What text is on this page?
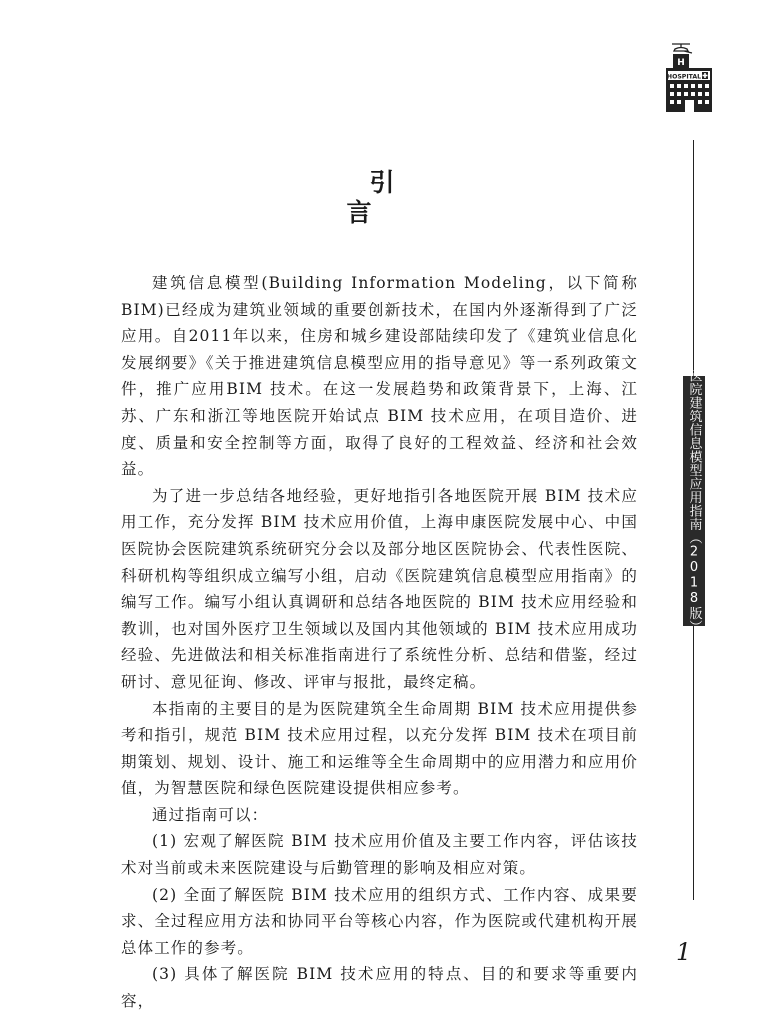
H
HOSPITAL
医院建筑信息模型应用指南（2018版）
引言

建筑信息模型(Building Information Modeling，以下简称 BIM)已经成为建筑业领域的重要创新技术，在国内外逐渐得到了广泛应用。自2011年以来，住房和城乡建设部陆续印发了《建筑业信息化发展纲要》《关于推进建筑信息模型应用的指导意见》等一系列政策文件，推广应用BIM 技术。在这一发展趋势和政策背景下，上海、江苏、广东和浙江等地医院开始试点 BIM 技术应用，在项目造价、进度、质量和安全控制等方面，取得了良好的工程效益、经济和社会效益。

为了进一步总结各地经验，更好地指引各地医院开展 BIM 技术应用工作，充分发挥 BIM 技术应用价值，上海申康医院发展中心、中国医院协会医院建筑系统研究分会以及部分地区医院协会、代表性医院、科研机构等组织成立编写小组，启动《医院建筑信息模型应用指南》的编写工作。编写小组认真调研和总结各地医院的 BIM 技术应用经验和教训，也对国外医疗卫生领域以及国内其他领域的 BIM 技术应用成功经验、先进做法和相关标准指南进行了系统性分析、总结和借鉴，经过研讨、意见征询、修改、评审与报批，最终定稿。

本指南的主要目的是为医院建筑全生命周期 BIM 技术应用提供参考和指引，规范 BIM 技术应用过程，以充分发挥 BIM 技术在项目前期策划、规划、设计、施工和运维等全生命周期中的应用潜力和应用价值，为智慧医院和绿色医院建设提供相应参考。

通过指南可以：

(1) 宏观了解医院 BIM 技术应用价值及主要工作内容，评估该技术对当前或未来医院建设与后勤管理的影响及相应对策。

(2) 全面了解医院 BIM 技术应用的组织方式、工作内容、成果要求、全过程应用方法和协同平台等核心内容，作为医院或代建机构开展总体工作的参考。

(3) 具体了解医院 BIM 技术应用的特点、目的和要求等重要内容，

1
